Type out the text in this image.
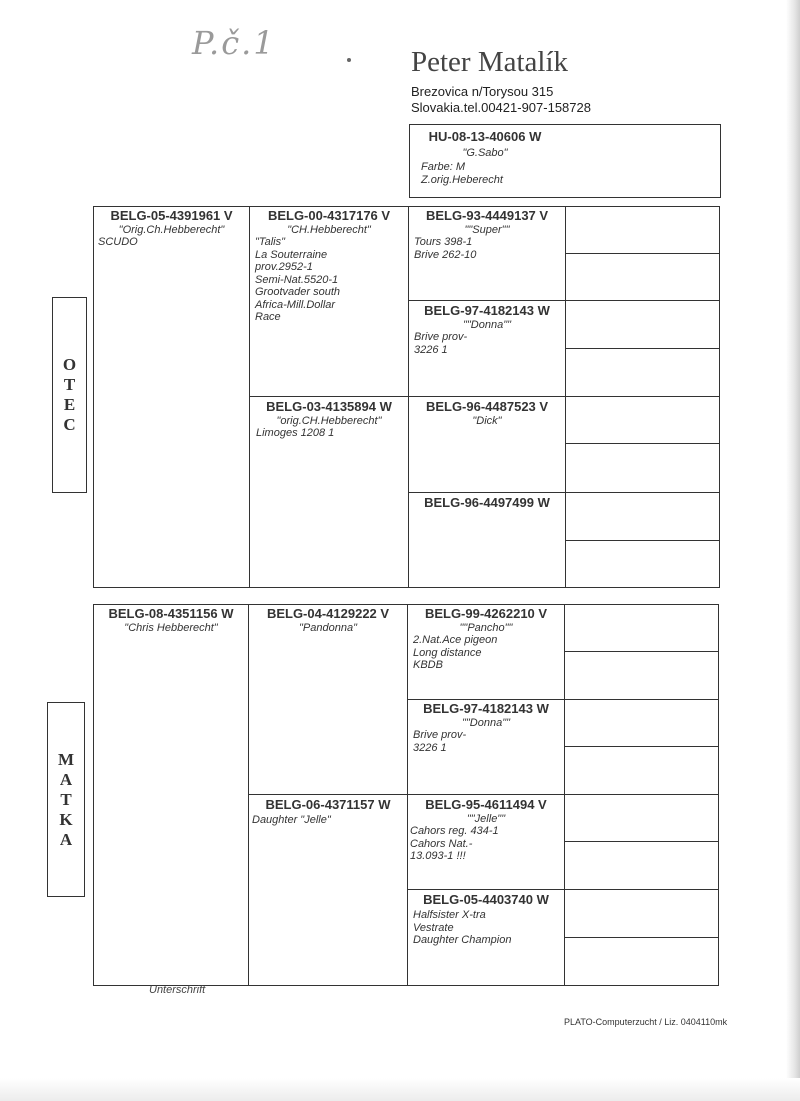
P.č.1	Peter Matalík
Brezovica n/Torysou 315
Slovakia.tel.00421-907-158728
HU-08-13-40606 W
"G.Sabo"
Farbe: M
Z.orig.Heberecht
O
T
E
C
M
A
T
K
A
BELG-05-4391961 V
"Orig.Ch.Hebberecht"
SCUDO
BELG-00-4317176 V
"CH.Hebberecht"
"Talis"
La Souterraine
prov.2952-1
Semi-Nat.5520-1
Grootvader south
Africa-Mill.Dollar
Race
BELG-93-4449137 V
""Super""
Tours 398-1
Brive 262-10
BELG-97-4182143 W
""Donna""
Brive prov-
3226 1
BELG-03-4135894 W
"orig.CH.Hebberecht"
Limoges 1208 1
BELG-96-4487523 V
"Dick"
BELG-96-4497499 W
BELG-08-4351156 W
"Chris Hebberecht"
BELG-04-4129222 V
"Pandonna"
BELG-99-4262210 V
""Pancho""
2.Nat.Ace pigeon
Long distance
KBDB
BELG-97-4182143 W
""Donna""
Brive prov-
3226 1
BELG-06-4371157 W
Daughter "Jelle"
BELG-95-4611494 V
""Jelle""
Cahors reg. 434-1
Cahors Nat.-
13.093-1 !!!
BELG-05-4403740 W
Halfsister X-tra
Vestrate
Daughter Champion
Unterschrift
PLATO-Computerzucht / Liz. 0404110mk
